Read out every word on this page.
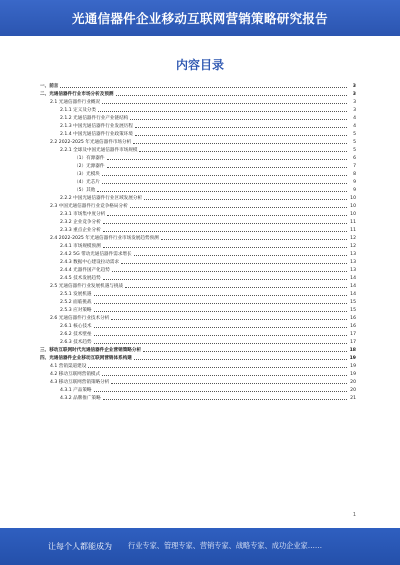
光通信器件企业移动互联网营销策略研究报告
内容目录
一、前言	3
二、光通信器件行业市场分析及预测	3
2.1 光通信器件行业概况	3
2.1.1 定义及分类	3
2.1.2 光通信器件行业产业链结构	4
2.1.3 中国光通信器件行业发展历程	4
2.1.4 中国光通信器件行业政策环境	5
2.2 2022-2025 年光通信器件市场分析	5
2.2.1 全球及中国光通信器件市场规模	5
（1）有源器件	6
（2）无源器件	7
（3）光模块	8
（4）光芯片	9
（5）其他	9
2.2.2 中国光通信器件行业区域发展分析	10
2.3 中国光通信器件行业竞争格局分析	10
2.3.1 市场集中度分析	10
2.3.2 企业竞争分析	11
2.3.3 重点企业分析	11
2.4 2022-2025 年光通信器件行业市场发展趋势预测	12
2.4.1 市场规模预测	12
2.4.2 5G 带动光通信器件需求增长	13
2.4.3 数据中心建设拉动需求	13
2.4.4 光器件国产化趋势	13
2.4.5 技术发展趋势	14
2.5 光通信器件行业发展机遇与挑战	14
2.5.1 发展机遇	14
2.5.2 面临挑战	15
2.5.3 应对策略	15
2.6 光通信器件行业技术分析	16
2.6.1 核心技术	16
2.6.2 技术壁垒	17
2.6.3 技术趋势	17
三、移动互联网时代光通信器件企业营销策略分析	18
四、光通信器件企业移动互联网营销体系构建	19
4.1 营销渠道建设	19
4.2 移动互联网营销模式	19
4.3 移动互联网营销策略分析	20
4.3.1 产品策略	20
4.3.2 品牌推广策略	21
1
让每个人都能成为 行业专家、管理专家、营销专家、战略专家、成功企业家……
